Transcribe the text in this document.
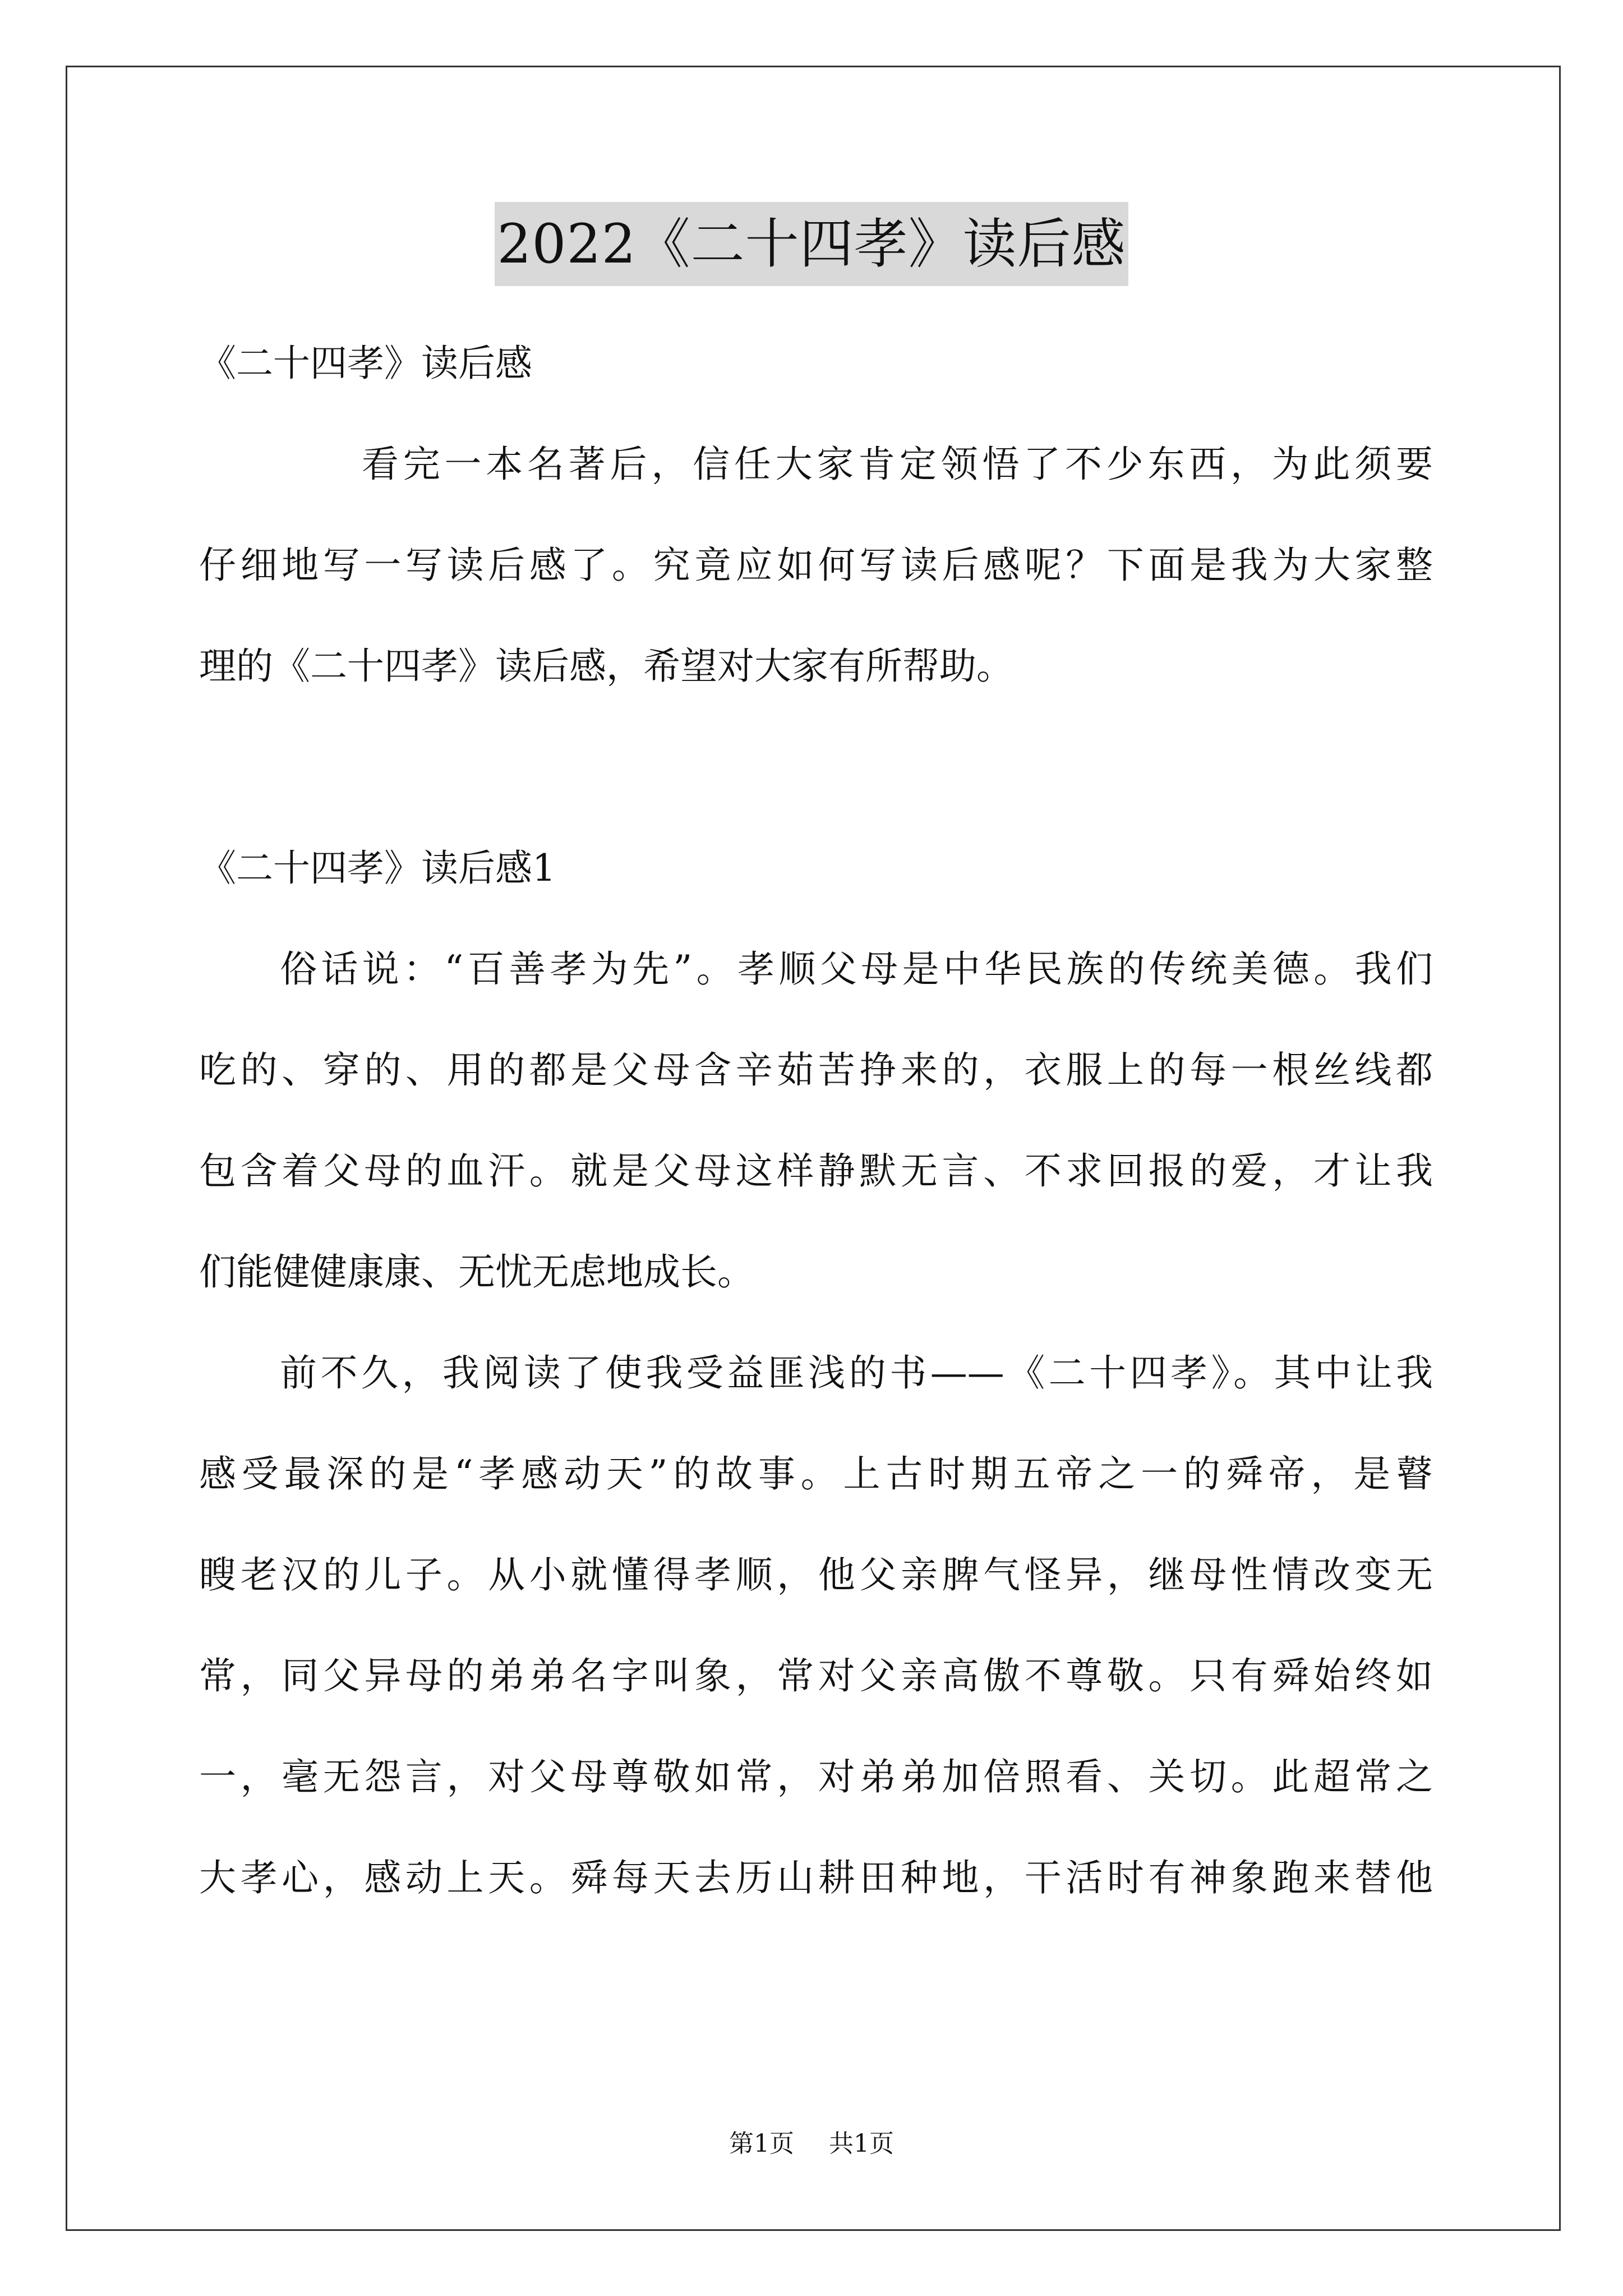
2022《二十四孝》读后感
《二十四孝》读后感
看完一本名著后，信任大家肯定领悟了不少东西，为此须要
仔细地写一写读后感了。究竟应如何写读后感呢？下面是我为大家整
理的《二十四孝》读后感，希望对大家有所帮助。
《二十四孝》读后感1
俗话说：“百善孝为先”。孝顺父母是中华民族的传统美德。我们
吃的、穿的、用的都是父母含辛茹苦挣来的，衣服上的每一根丝线都
包含着父母的血汗。就是父母这样静默无言、不求回报的爱，才让我
们能健健康康、无忧无虑地成长。
前不久，我阅读了使我受益匪浅的书——《二十四孝》。其中让我
感受最深的是“孝感动天”的故事。上古时期五帝之一的舜帝，是瞽
瞍老汉的儿子。从小就懂得孝顺，他父亲脾气怪异，继母性情改变无
常，同父异母的弟弟名字叫象，常对父亲高傲不尊敬。只有舜始终如
一，毫无怨言，对父母尊敬如常，对弟弟加倍照看、关切。此超常之
大孝心，感动上天。舜每天去历山耕田种地，干活时有神象跑来替他
第1页 共1页
